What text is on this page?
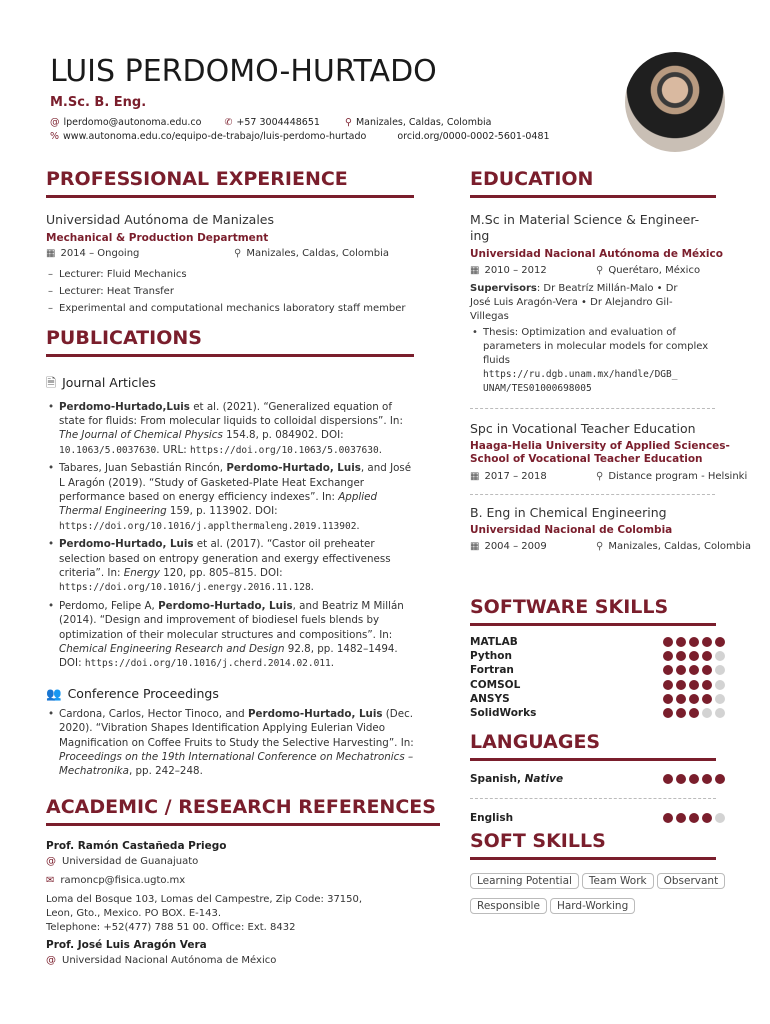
LUIS PERDOMO-HURTADO
M.Sc. B. Eng.
@ lperdomo@autonoma.edu.co ✆ +57 3004448651	⚲ Manizales, Caldas, Colombia
% www.autonoma.edu.co/equipo-de-trabajo/luis-perdomo-hurtado	orcid.org/0000-0002-5601-0481
PROFESSIONAL EXPERIENCE
Universidad Autónoma de Manizales
Mechanical & Production Department
▦ 2014 – Ongoing	⚲ Manizales, Caldas, Colombia
– Lecturer: Fluid Mechanics
– Lecturer: Heat Transfer
– Experimental and computational mechanics laboratory staff member
PUBLICATIONS
🗎 Journal Articles
• Perdomo-Hurtado,Luis et al. (2021). “Generalized equation of state for fluids: From molecular liquids to colloidal dispersions”. In: The Journal of Chemical Physics 154.8, p. 084902. DOI: 10.1063/5.0037630. URL: https://doi.org/10.1063/5.0037630.
• Tabares, Juan Sebastián Rincón, Perdomo-Hurtado, Luis, and José L Aragón (2019). “Study of Gasketed-Plate Heat Exchanger performance based on energy efficiency indexes”. In: Applied Thermal Engineering 159, p. 113902. DOI: https://doi.org/10.1016/j.applthermaleng.2019.113902.
• Perdomo-Hurtado, Luis et al. (2017). “Castor oil preheater selection based on entropy generation and exergy effectiveness criteria”. In: Energy 120, pp. 805–815. DOI: https://doi.org/10.1016/j.energy.2016.11.128.
• Perdomo, Felipe A, Perdomo-Hurtado, Luis, and Beatriz M Millán (2014). “Design and improvement of biodiesel fuels blends by optimization of their molecular structures and compositions”. In: Chemical Engineering Research and Design 92.8, pp. 1482–1494. DOI: https://doi.org/10.1016/j.cherd.2014.02.011.
👥 Conference Proceedings
• Cardona, Carlos, Hector Tinoco, and Perdomo-Hurtado, Luis (Dec. 2020). “Vibration Shapes Identification Applying Eulerian Video Magnification on Coffee Fruits to Study the Selective Harvesting”. In: Proceedings on the 19th International Conference on Mechatronics – Mechatronika, pp. 242–248.
ACADEMIC / RESEARCH REFERENCES
Prof. Ramón Castañeda Priego
@ Universidad de Guanajuato
✉ ramoncp@fisica.ugto.mx
Loma del Bosque 103, Lomas del Campestre, Zip Code: 37150,
Leon, Gto., Mexico. PO BOX. E-143.
Telephone: +52(477) 788 51 00. Office: Ext. 8432
Prof. José Luis Aragón Vera
@ Universidad Nacional Autónoma de México
EDUCATION
M.Sc in Material Science & Engineer-
ing
Universidad Nacional Autónoma de México
▦ 2010 – 2012	⚲ Querétaro, México
Supervisors: Dr Beatríz Millán-Malo • Dr
José Luis Aragón-Vera • Dr Alejandro Gil-
Villegas
• Thesis: Optimization and evaluation of parameters in molecular models for complex fluids
https://ru.dgb.unam.mx/handle/DGB_
UNAM/TES01000698005
Spc in Vocational Teacher Education
Haaga-Helia University of Applied Sciences-
School of Vocational Teacher Education
▦ 2017 – 2018	⚲ Distance program - Helsinki
B. Eng in Chemical Engineering
Universidad Nacional de Colombia
▦ 2004 – 2009	⚲ Manizales, Caldas, Colombia
SOFTWARE SKILLS
MATLAB
Python
Fortran
COMSOL
ANSYS
SolidWorks
LANGUAGES
Spanish, Native
English
SOFT SKILLS
Learning Potential Team Work Observant
Responsible Hard-Working
